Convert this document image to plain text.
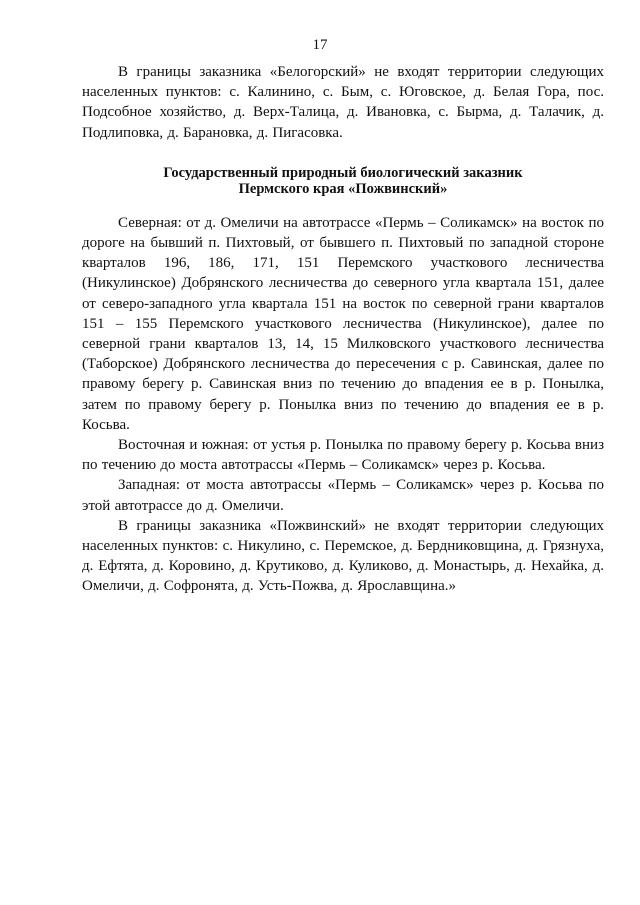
17

В границы заказника «Белогорский» не входят территории следующих населенных пунктов: с. Калинино, с. Бым, с. Юговское, д. Белая Гора, пос. Подсобное хозяйство, д. Верх-Талица, д. Ивановка, с. Бырма, д. Талачик, д. Подлиповка, д. Барановка, д. Пигасовка.

Государственный природный биологический заказник
Пермского края «Пожвинский»

Северная: от д. Омеличи на автотрассе «Пермь – Соликамск» на восток по дороге на бывший п. Пихтовый, от бывшего п. Пихтовый по западной стороне кварталов 196, 186, 171, 151 Перемского участкового лесничества (Никулинское) Добрянского лесничества до северного угла квартала 151, далее от северо-западного угла квартала 151 на восток по северной грани кварталов 151 – 155 Перемского участкового лесничества (Никулинское), далее по северной грани кварталов 13, 14, 15 Милковского участкового лесничества (Таборское) Добрянского лесничества до пересечения с р. Савинская, далее по правому берегу р. Савинская вниз по течению до впадения ее в р. Понылка, затем по правому берегу р. Понылка вниз по течению до впадения ее в р. Косьва.

Восточная и южная: от устья р. Понылка по правому берегу р. Косьва вниз по течению до моста автотрассы «Пермь – Соликамск» через р. Косьва.

Западная: от моста автотрассы «Пермь – Соликамск» через р. Косьва по этой автотрассе до д. Омеличи.

В границы заказника «Пожвинский» не входят территории следующих населенных пунктов: с. Никулино, с. Перемское, д. Бердниковщина, д. Грязнуха, д. Ефтята, д. Коровино, д. Крутиково, д. Куликово, д. Монастырь, д. Нехайка, д. Омеличи, д. Софронята, д. Усть-Пожва, д. Ярославщина.»
